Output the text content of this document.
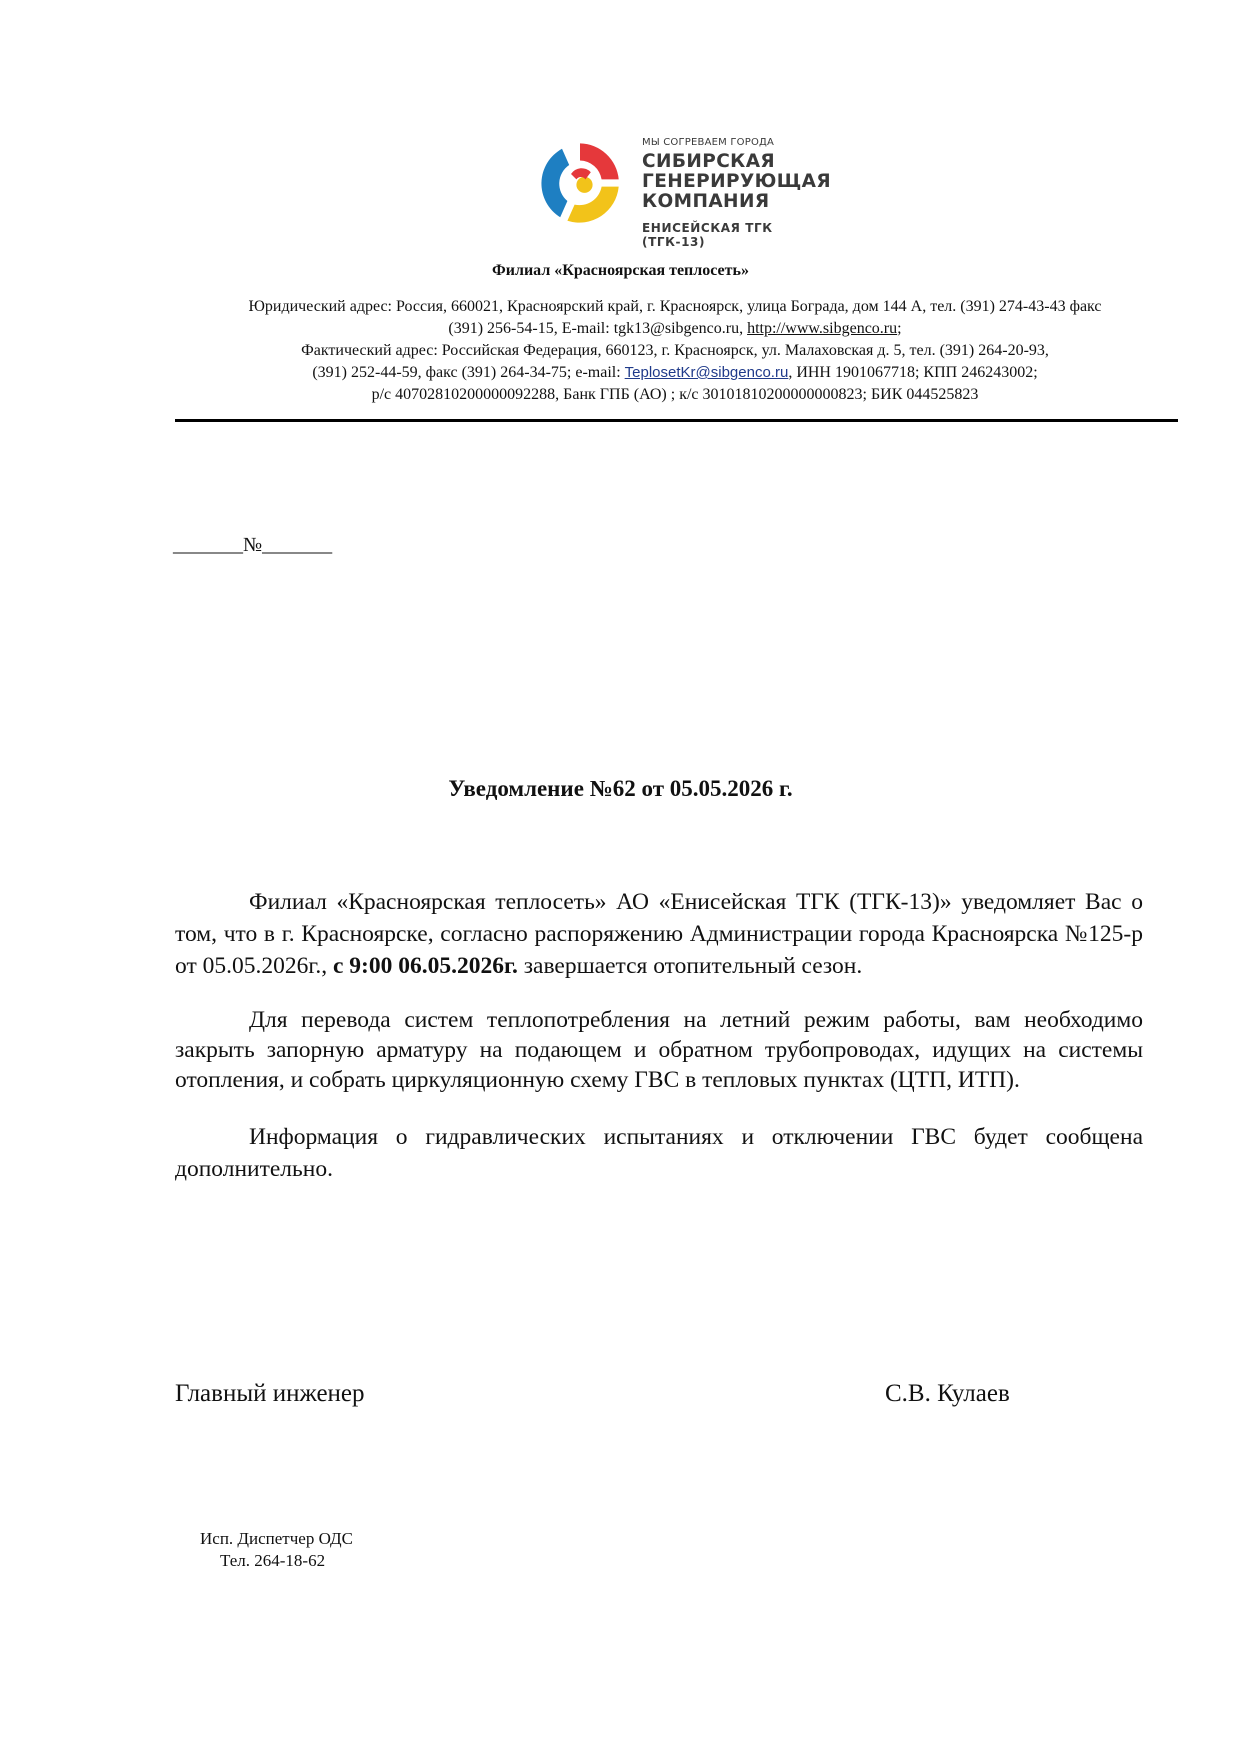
МЫ СОГРЕВАЕМ ГОРОДА
СИБИРСКАЯ
ГЕНЕРИРУЮЩАЯ
КОМПАНИЯ
ЕНИСЕЙСКАЯ ТГК (ТГК-13)
Филиал «Красноярская теплосеть»
Юридический адрес: Россия, 660021, Красноярский край, г. Красноярск, улица Бограда, дом 144 А, тел. (391) 274-43-43 факс
(391) 256-54-15, E-mail: tgk13@sibgenco.ru, http://www.sibgenco.ru;
Фактический адрес: Российская Федерация, 660123, г. Красноярск, ул. Малаховская д. 5, тел. (391) 264-20-93,
(391) 252-44-59, факс (391) 264-34-75; e-mail: TeplosetKr@sibgenco.ru, ИНН 1901067718; КПП 246243002;
р/с 40702810200000092288, Банк ГПБ (АО) ; к/с 30101810200000000823; БИК 044525823
_______№_______
Уведомление №62 от 05.05.2026 г.
Филиал «Красноярская теплосеть» АО «Енисейская ТГК (ТГК-13)» уведомляет Вас о том, что в г. Красноярске, согласно распоряжению Администрации города Красноярска №125-р от 05.05.2026г., с 9:00 06.05.2026г. завершается отопительный сезон.
Для перевода систем теплопотребления на летний режим работы, вам необходимо закрыть запорную арматуру на подающем и обратном трубопроводах, идущих на системы отопления, и собрать циркуляционную схему ГВС в тепловых пунктах (ЦТП, ИТП).
Информация о гидравлических испытаниях и отключении ГВС будет сообщена дополнительно.
Главный инженер	С.В. Кулаев
Исп. Диспетчер ОДС
Тел. 264-18-62
